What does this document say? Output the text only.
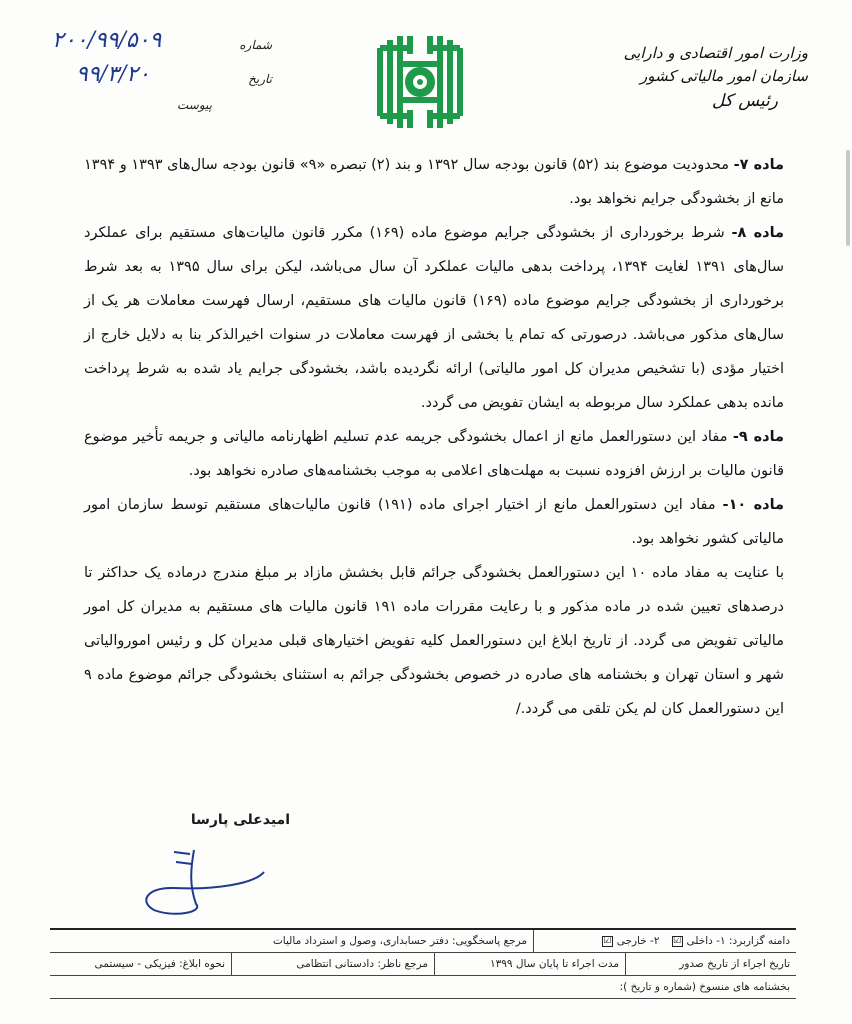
وزارت امور اقتصادی و دارایی
سازمان امور مالیاتی کشور
رئیس کل
۲۰۰/۹۹/۵۰۹	شماره
۹۹/۳/۲۰	تاریخ
پیوست

ماده ۷- محدودیت موضوع بند (۵۲) قانون بودجه سال ۱۳۹۲ و بند (۲) تبصره «۹» قانون بودجه سال‌های ۱۳۹۳ و ۱۳۹۴ مانع از بخشودگی جرایم نخواهد بود.

ماده ۸- شرط برخورداری از بخشودگی جرایم موضوع ماده (۱۶۹) مکرر قانون مالیات‌های مستقیم برای عملکرد سال‌های ۱۳۹۱ لغایت ۱۳۹۴، پرداخت بدهی مالیات عملکرد آن سال می‌باشد، لیکن برای سال ۱۳۹۵ به بعد شرط برخورداری از بخشودگی جرایم موضوع ماده (۱۶۹) قانون مالیات های مستقیم، ارسال فهرست معاملات هر یک از سال‌های مذکور می‌باشد. درصورتی که تمام یا بخشی از فهرست معاملات در سنوات اخیرالذکر بنا به دلایل خارج از اختیار مؤدی (با تشخیص مدیران کل امور مالیاتی) ارائه نگردیده باشد، بخشودگی جرایم یاد شده به شرط پرداخت مانده بدهی عملکرد سال مربوطه به ایشان تفویض می گردد.

ماده ۹- مفاد این دستورالعمل مانع از اعمال بخشودگی جریمه عدم تسلیم اظهارنامه مالیاتی و جریمه تأخیر موضوع قانون مالیات بر ارزش افزوده نسبت به مهلت‌های اعلامی به موجب بخشنامه‌های صادره نخواهد بود.

ماده ۱۰- مفاد این دستورالعمل مانع از اختیار اجرای ماده (۱۹۱) قانون مالیات‌های مستقیم توسط سازمان امور مالیاتی کشور نخواهد بود.

با عنایت به مفاد ماده ۱۰ این دستورالعمل بخشودگی جرائم قابل بخشش مازاد بر مبلغ مندرج درماده یک حداکثر تا درصدهای تعیین شده در ماده مذکور و با رعایت مقررات ماده ۱۹۱ قانون مالیات های مستقیم به مدیران کل امور مالیاتی تفویض می گردد. از تاریخ ابلاغ این دستورالعمل کلیه تفویض اختیارهای قبلی مدیران کل و رئیس اموروالیاتی شهر و استان تهران و بخشنامه های صادره در خصوص بخشودگی جرائم به استثنای بخشودگی جرائم موضوع ماده ۹ این دستورالعمل کان لم یکن تلقی می گردد./

امیدعلی پارسا
دامنه گزاربرد: ۱- داخلی
☑
۲- خارجی
☑
مرجع پاسخگویی: دفتر حسابداری، وصول و استرداد مالیات
تاریخ اجراء از تاریخ صدور
مدت اجراء تا پایان سال ۱۳۹۹
مرجع ناظر: دادستانی انتظامی
نحوه ابلاغ: فیزیکی - سیستمی
بخشنامه های منسوخ (شماره و تاریخ ):
